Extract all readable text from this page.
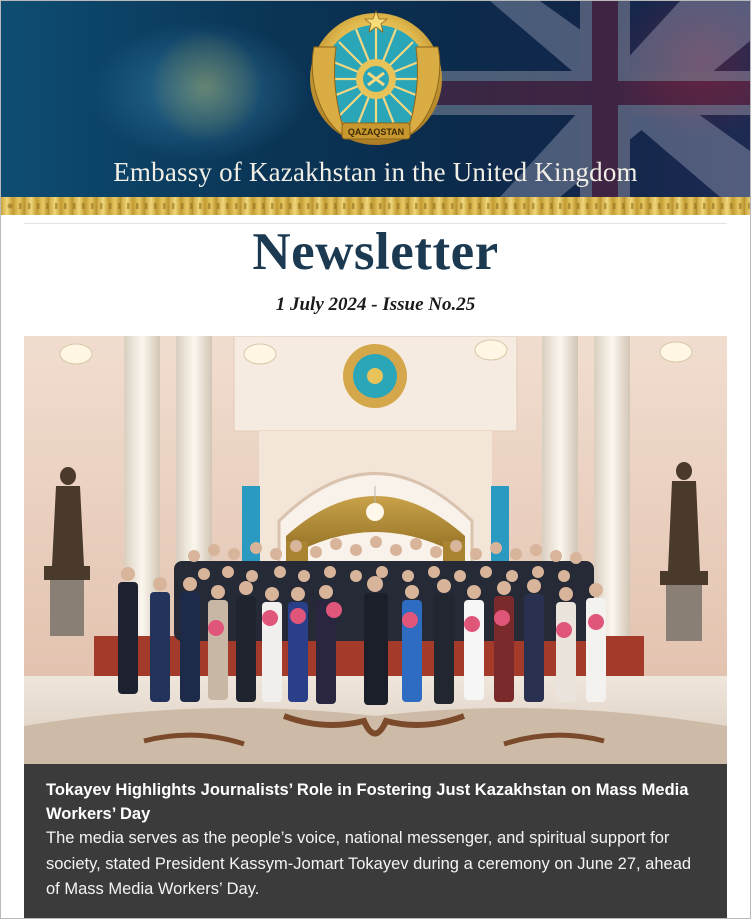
QAZAQSTAN
Embassy of Kazakhstan in the United Kingdom
Newsletter
1 July 2024 - Issue No.25

Tokayev Highlights Journalists’ Role in Fostering Just Kazakhstan on Mass Media Workers’ Day

The media serves as the people’s voice, national messenger, and spiritual support for society, stated President Kassym-Jomart Tokayev during a ceremony on June 27, ahead of Mass Media Workers’ Day.
